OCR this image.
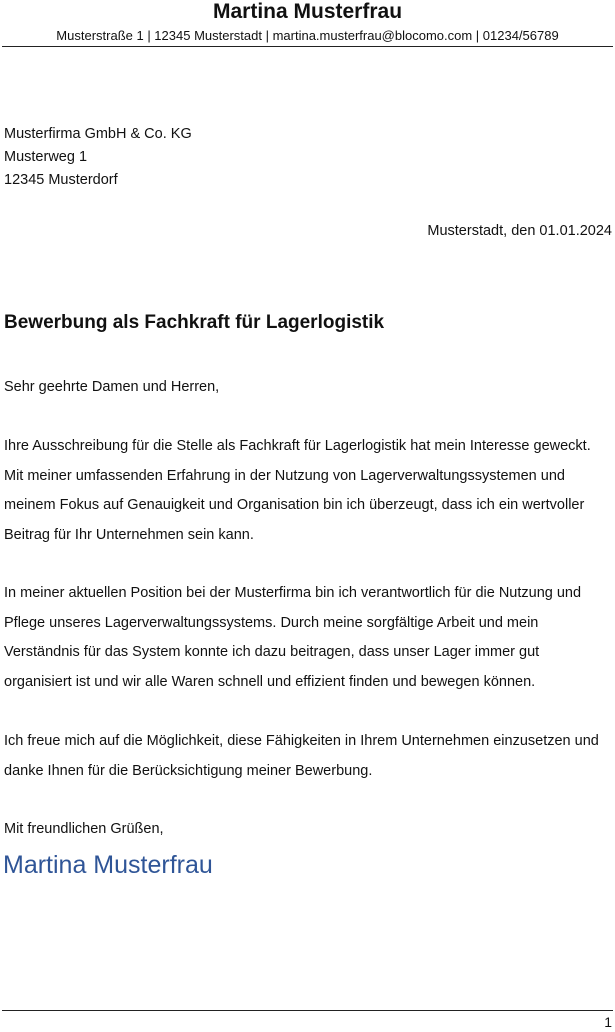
Martina Musterfrau
Musterstraße 1 | 12345 Musterstadt | martina.musterfrau@blocomo.com | 01234/56789
Musterfirma GmbH & Co. KG
Musterweg 1
12345 Musterdorf
Musterstadt, den 01.01.2024
Bewerbung als Fachkraft für Lagerlogistik
Sehr geehrte Damen und Herren,
Ihre Ausschreibung für die Stelle als Fachkraft für Lagerlogistik hat mein Interesse geweckt.
Mit meiner umfassenden Erfahrung in der Nutzung von Lagerverwaltungssystemen und
meinem Fokus auf Genauigkeit und Organisation bin ich überzeugt, dass ich ein wertvoller
Beitrag für Ihr Unternehmen sein kann.
In meiner aktuellen Position bei der Musterfirma bin ich verantwortlich für die Nutzung und
Pflege unseres Lagerverwaltungssystems. Durch meine sorgfältige Arbeit und mein
Verständnis für das System konnte ich dazu beitragen, dass unser Lager immer gut
organisiert ist und wir alle Waren schnell und effizient finden und bewegen können.
Ich freue mich auf die Möglichkeit, diese Fähigkeiten in Ihrem Unternehmen einzusetzen und
danke Ihnen für die Berücksichtigung meiner Bewerbung.
Mit freundlichen Grüßen,
Martina Musterfrau
1
